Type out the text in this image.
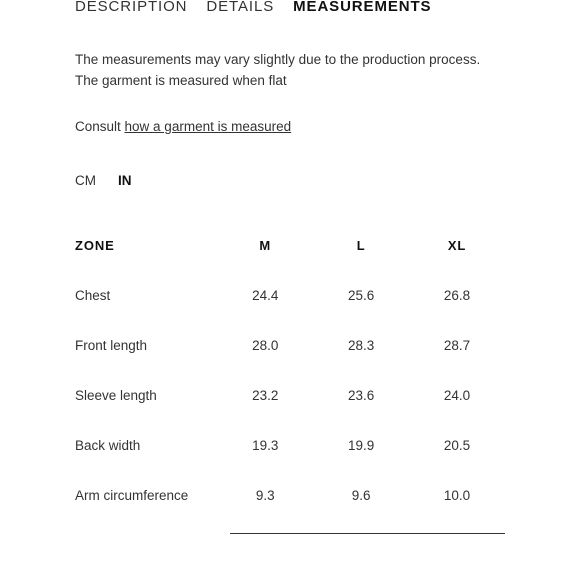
DESCRIPTION DETAILS MEASUREMENTS

The measurements may vary slightly due to the production process.

The garment is measured when flat

Consult how a garment is measured
CM IN
ZONE	M	L	XL
Chest	24.4	25.6	26.8
Front length	28.0	28.3	28.7
Sleeve length	23.2	23.6	24.0
Back width	19.3	19.9	20.5
Arm circumference	9.3	9.6	10.0
